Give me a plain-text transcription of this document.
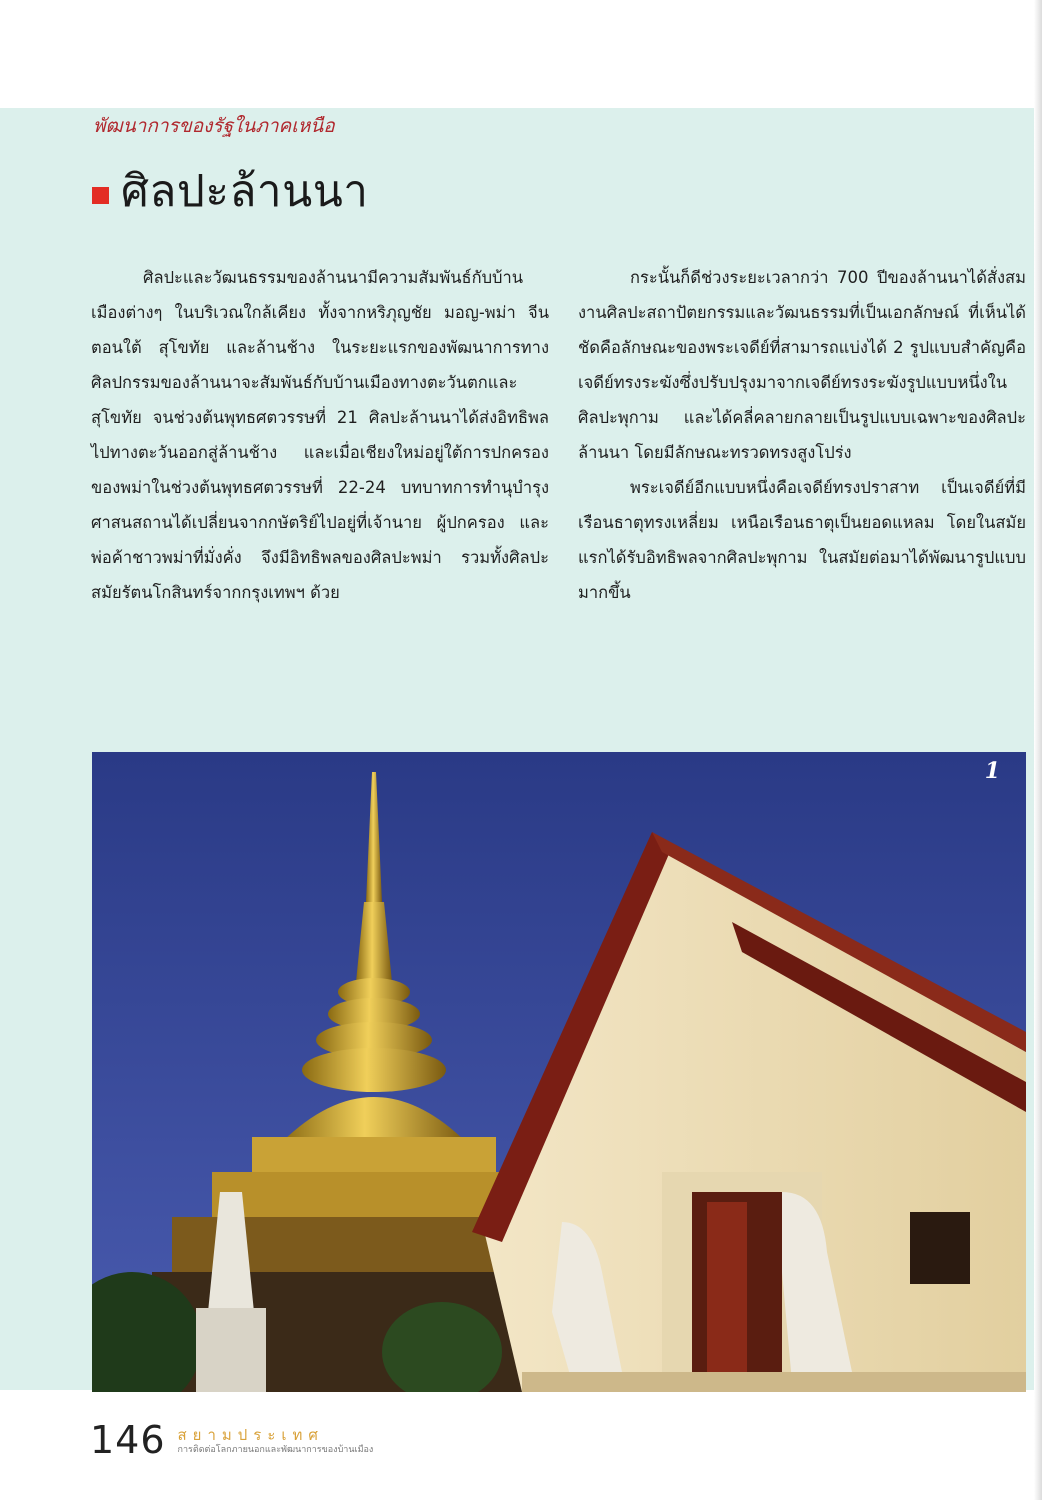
พัฒนาการของรัฐในภาคเหนือ
ศิลปะล้านนา

ศิลปะและวัฒนธรรมของล้านนามีความสัมพันธ์กับบ้านเมืองต่างๆ ในบริเวณใกล้เคียง ทั้งจากหริภุญชัย มอญ-พม่า จีนตอนใต้ สุโขทัย และล้านช้าง ในระยะแรกของพัฒนาการทางศิลปกรรมของล้านนาจะสัมพันธ์กับบ้านเมืองทางตะวันตกและสุโขทัย จนช่วงต้นพุทธศตวรรษที่ 21 ศิลปะล้านนาได้ส่งอิทธิพลไปทางตะวันออกสู่ล้านช้าง และเมื่อเชียงใหม่อยู่ใต้การปกครองของพม่าในช่วงต้นพุทธศตวรรษที่ 22-24 บทบาทการทำนุบำรุงศาสนสถานได้เปลี่ยนจากกษัตริย์ไปอยู่ที่เจ้านาย ผู้ปกครอง และพ่อค้าชาวพม่าที่มั่งคั่ง จึงมีอิทธิพลของศิลปะพม่า รวมทั้งศิลปะสมัยรัตนโกสินทร์จากกรุงเทพฯ ด้วย

กระนั้นก็ดีช่วงระยะเวลากว่า 700 ปีของล้านนาได้สั่งสมงานศิลปะสถาปัตยกรรมและวัฒนธรรมที่เป็นเอกลักษณ์ ที่เห็นได้ชัดคือลักษณะของพระเจดีย์ที่สามารถแบ่งได้ 2 รูปแบบสำคัญคือ เจดีย์ทรงระฆังซึ่งปรับปรุงมาจากเจดีย์ทรงระฆังรูปแบบหนึ่งในศิลปะพุกาม และได้คลี่คลายกลายเป็นรูปแบบเฉพาะของศิลปะล้านนา โดยมีลักษณะทรวดทรงสูงโปร่ง

พระเจดีย์อีกแบบหนึ่งคือเจดีย์ทรงปราสาท เป็นเจดีย์ที่มีเรือนธาตุทรงเหลี่ยม เหนือเรือนธาตุเป็นยอดแหลม โดยในสมัยแรกได้รับอิทธิพลจากศิลปะพุกาม ในสมัยต่อมาได้พัฒนารูปแบบมากขึ้น

1
146 สยามประเทศ
การติดต่อโลกภายนอกและพัฒนาการของบ้านเมือง
